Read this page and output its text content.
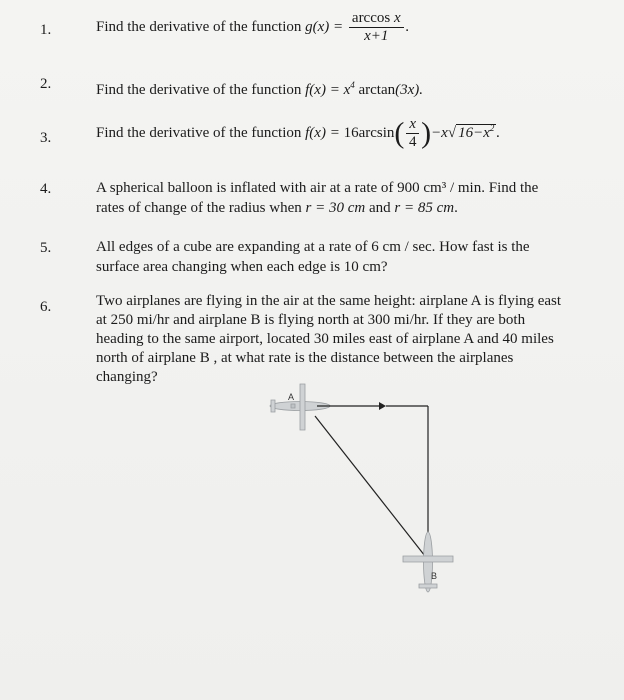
1.	Find the derivative of the function $g(x) = \frac{\text{arccos x}}{x+1}$ .
2.	Find the derivative of the function $f(x) = x^4$ arctan(3x).
3.	Find the derivative of the function $f(x) = 16\arcsin( \frac{x}{4} )-x√$ $16-x^2$ .
4.	A spherical balloon is inflated with air at a rate of 900 cm³ / min. Find the
rates of change of the radius when r = 30 cm and r = 85 cm.
5.	All edges of a cube are expanding at a rate of 6 cm / sec. How fast is the
surface area changing when each edge is 10 cm?
6.	Two airplanes are flying in the air at the same height: airplane A is flying east
at 250 mi/hr and airplane B is flying north at 300 mi/hr. If they are both
heading to the same airport, located 30 miles east of airplane A and 40 miles
north of airplane B , at what rate is the distance between the airplanes
changing?
A
B
